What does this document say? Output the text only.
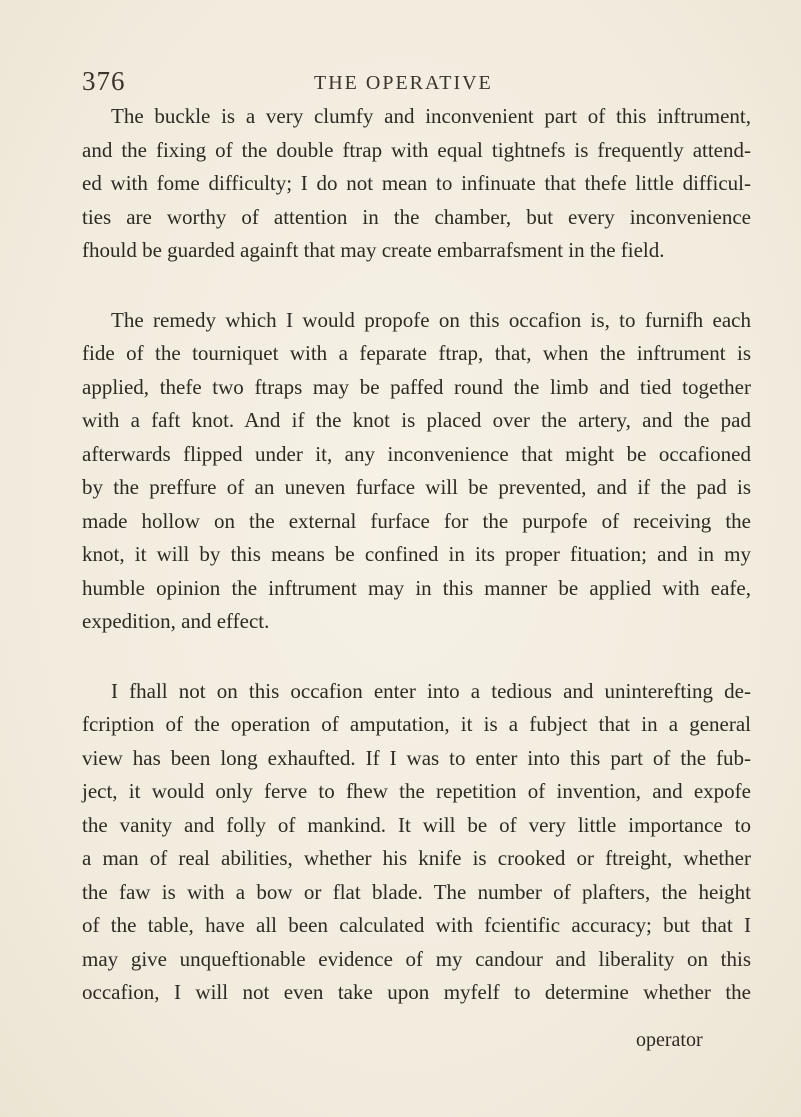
376	THE OPERATIVE
The buckle is a very clumfy and inconvenient part of this inftrument,
and the fixing of the double ftrap with equal tightnefs is frequently attend-
ed with fome difficulty; I do not mean to infinuate that thefe little difficul-
ties are worthy of attention in the chamber, but every inconvenience
fhould be guarded againft that may create embarrafsment in the field.
The remedy which I would propofe on this occafion is, to furnifh each
fide of the tourniquet with a feparate ftrap, that, when the inftrument is
applied, thefe two ftraps may be paffed round the limb and tied together
with a faft knot. And if the knot is placed over the artery, and the pad
afterwards flipped under it, any inconvenience that might be occafioned
by the preffure of an uneven furface will be prevented, and if the pad is
made hollow on the external furface for the purpofe of receiving the
knot, it will by this means be confined in its proper fituation; and in my
humble opinion the inftrument may in this manner be applied with eafe,
expedition, and effect.
I fhall not on this occafion enter into a tedious and uninterefting de-
fcription of the operation of amputation, it is a fubject that in a general
view has been long exhaufted. If I was to enter into this part of the fub-
ject, it would only ferve to fhew the repetition of invention, and expofe
the vanity and folly of mankind. It will be of very little importance to
a man of real abilities, whether his knife is crooked or ftreight, whether
the faw is with a bow or flat blade. The number of plafters, the height
of the table, have all been calculated with fcientific accuracy; but that I
may give unqueftionable evidence of my candour and liberality on this
occafion, I will not even take upon myfelf to determine whether the
operator
